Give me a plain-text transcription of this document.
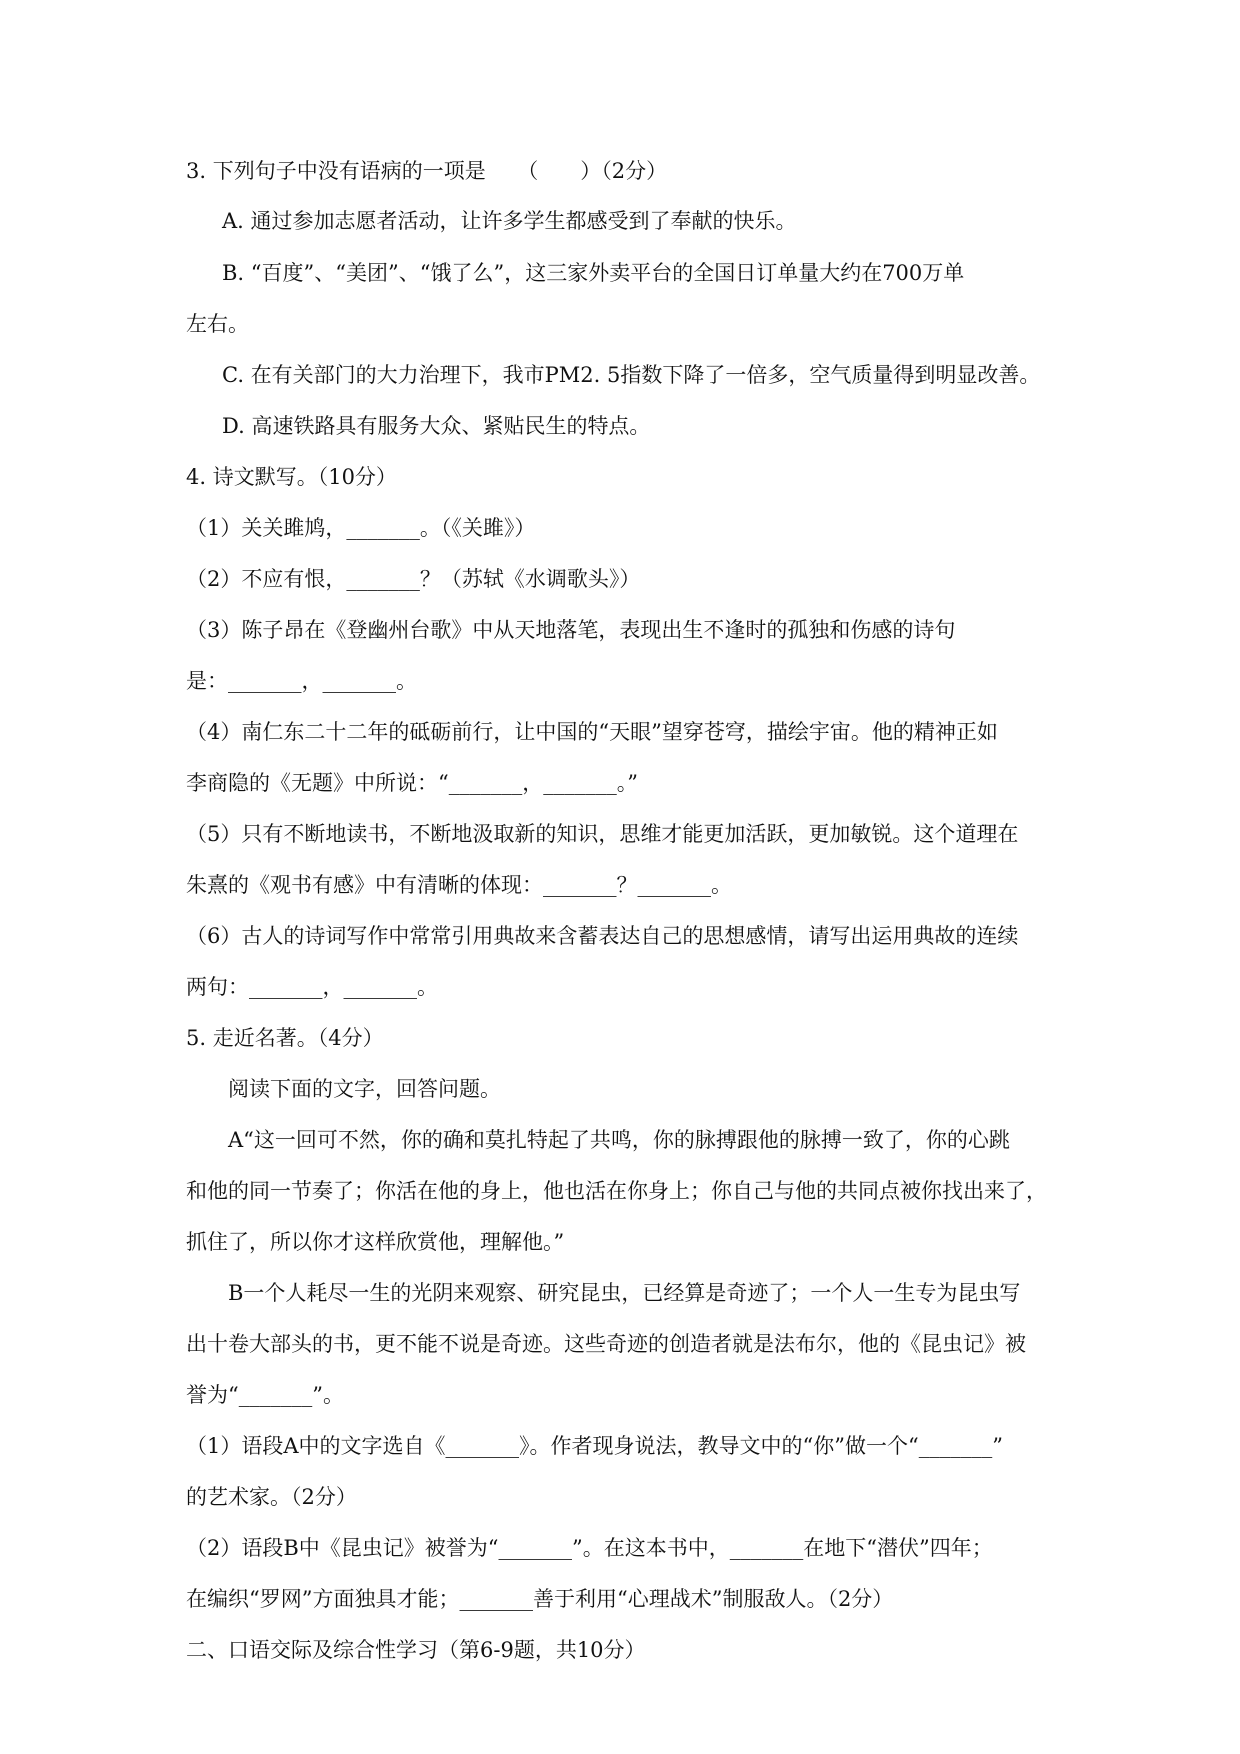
3. 下列句子中没有语病的一项是　　（　　）（2分）
A. 通过参加志愿者活动，让许多学生都感受到了奉献的快乐。
B. “百度”、“美团”、“饿了么”，这三家外卖平台的全国日订单量大约在700万单
左右。
C. 在有关部门的大力治理下，我市PM2. 5指数下降了一倍多，空气质量得到明显改善。
D. 高速铁路具有服务大众、紧贴民生的特点。
4. 诗文默写。（10分）
（1）关关雎鸠，_______。（《关雎》）
（2）不应有恨，_______？（苏轼《水调歌头》）
（3）陈子昂在《登幽州台歌》中从天地落笔，表现出生不逢时的孤独和伤感的诗句
是：_______，_______。
（4）南仁东二十二年的砥砺前行，让中国的“天眼”望穿苍穹，描绘宇宙。他的精神正如
李商隐的《无题》中所说：“_______，_______。”
（5）只有不断地读书，不断地汲取新的知识，思维才能更加活跃，更加敏锐。这个道理在
朱熹的《观书有感》中有清晰的体现：_______？_______。
（6）古人的诗词写作中常常引用典故来含蓄表达自己的思想感情，请写出运用典故的连续
两句：_______，_______。
5. 走近名著。（4分）
阅读下面的文字，回答问题。
A“这一回可不然，你的确和莫扎特起了共鸣，你的脉搏跟他的脉搏一致了，你的心跳
和他的同一节奏了；你活在他的身上，他也活在你身上；你自己与他的共同点被你找出来了，
抓住了，所以你才这样欣赏他，理解他。”
B一个人耗尽一生的光阴来观察、研究昆虫，已经算是奇迹了；一个人一生专为昆虫写
出十卷大部头的书，更不能不说是奇迹。这些奇迹的创造者就是法布尔，他的《昆虫记》被
誉为“_______”。
（1）语段A中的文字选自《_______》。作者现身说法，教导文中的“你”做一个“_______”
的艺术家。（2分）
（2）语段B中《昆虫记》被誉为“_______”。在这本书中，_______在地下“潜伏”四年；
在编织“罗网”方面独具才能；_______善于利用“心理战术”制服敌人。（2分）
二、口语交际及综合性学习（第6-9题，共10分）
